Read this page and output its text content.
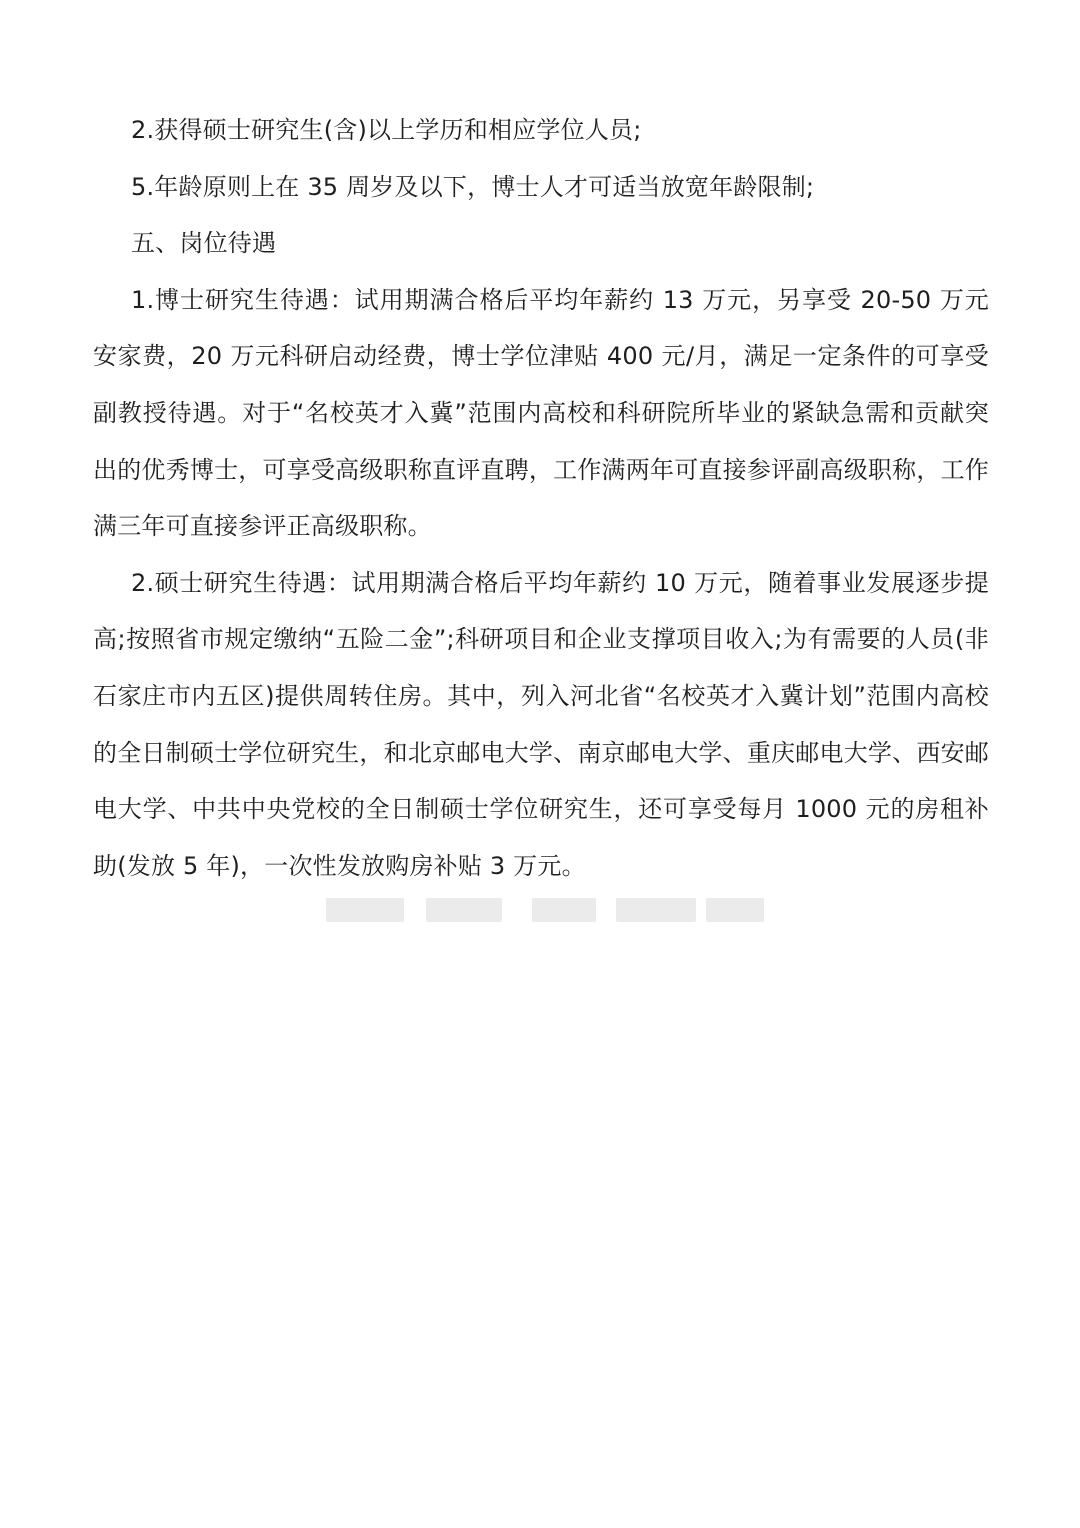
2.获得硕士研究生(含)以上学历和相应学位人员;

5.年龄原则上在 35 周岁及以下，博士人才可适当放宽年龄限制;

五、岗位待遇

1.博士研究生待遇：试用期满合格后平均年薪约 13 万元，另享受 20-50 万元安家费，20 万元科研启动经费，博士学位津贴 400 元/月，满足一定条件的可享受副教授待遇。对于“名校英才入冀”范围内高校和科研院所毕业的紧缺急需和贡献突出的优秀博士，可享受高级职称直评直聘，工作满两年可直接参评副高级职称，工作满三年可直接参评正高级职称。

2.硕士研究生待遇：试用期满合格后平均年薪约 10 万元，随着事业发展逐步提高;按照省市规定缴纳“五险二金”;科研项目和企业支撑项目收入;为有需要的人员(非石家庄市内五区)提供周转住房。其中，列入河北省“名校英才入冀计划”范围内高校的全日制硕士学位研究生，和北京邮电大学、南京邮电大学、重庆邮电大学、西安邮电大学、中共中央党校的全日制硕士学位研究生，还可享受每月 1000 元的房租补助(发放 5 年)，一次性发放购房补贴 3 万元。
